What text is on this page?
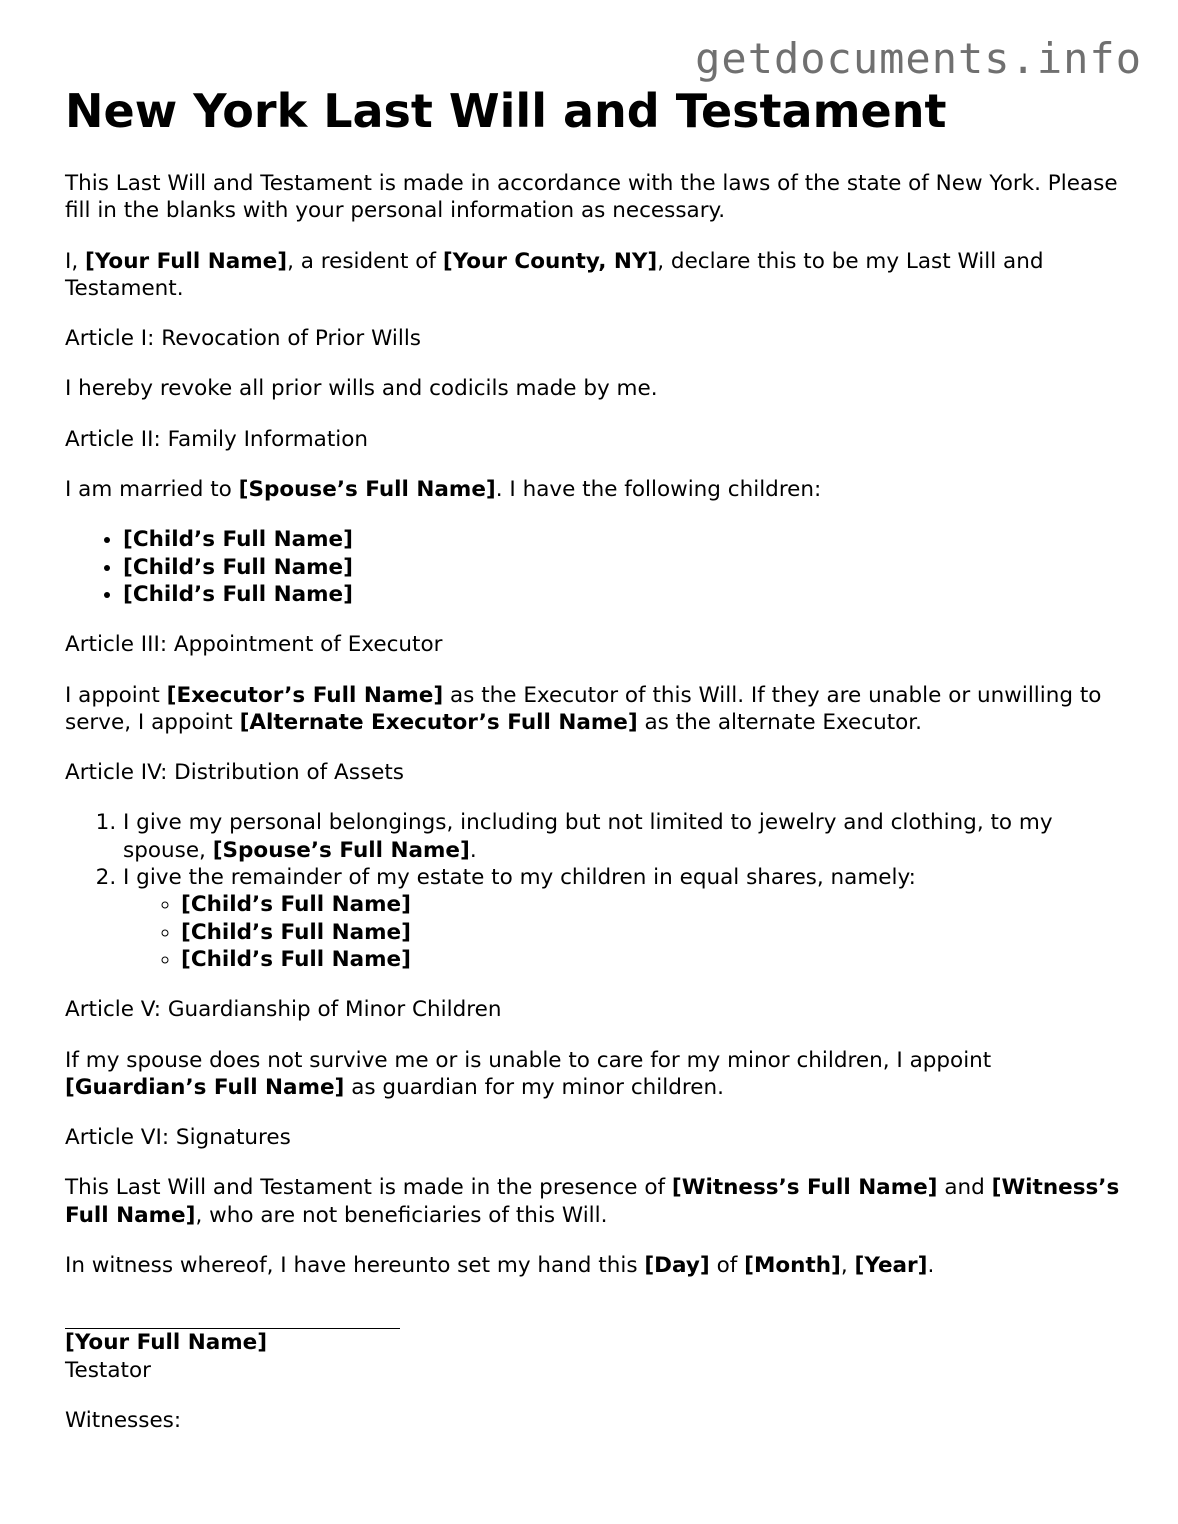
getdocuments.info
New York Last Will and Testament

This Last Will and Testament is made in accordance with the laws of the state of New York. Please fill in the blanks with your personal information as necessary.

I, [Your Full Name], a resident of [Your County, NY], declare this to be my Last Will and Testament.

Article I: Revocation of Prior Wills

I hereby revoke all prior wills and codicils made by me.

Article II: Family Information

I am married to [Spouse’s Full Name]. I have the following children:

• [Child’s Full Name]
• [Child’s Full Name]
• [Child’s Full Name]

Article III: Appointment of Executor

I appoint [Executor’s Full Name] as the Executor of this Will. If they are unable or unwilling to serve, I appoint [Alternate Executor’s Full Name] as the alternate Executor.

Article IV: Distribution of Assets

1. I give my personal belongings, including but not limited to jewelry and clothing, to my spouse, [Spouse’s Full Name].
2. I give the remainder of my estate to my children in equal shares, namely:
◦ [Child’s Full Name]
◦ [Child’s Full Name]
◦ [Child’s Full Name]

Article V: Guardianship of Minor Children

If my spouse does not survive me or is unable to care for my minor children, I appoint [Guardian’s Full Name] as guardian for my minor children.

Article VI: Signatures

This Last Will and Testament is made in the presence of [Witness’s Full Name] and [Witness’s Full Name], who are not beneficiaries of this Will.

In witness whereof, I have hereunto set my hand this [Day] of [Month], [Year].

[Your Full Name]

Testator

Witnesses:
